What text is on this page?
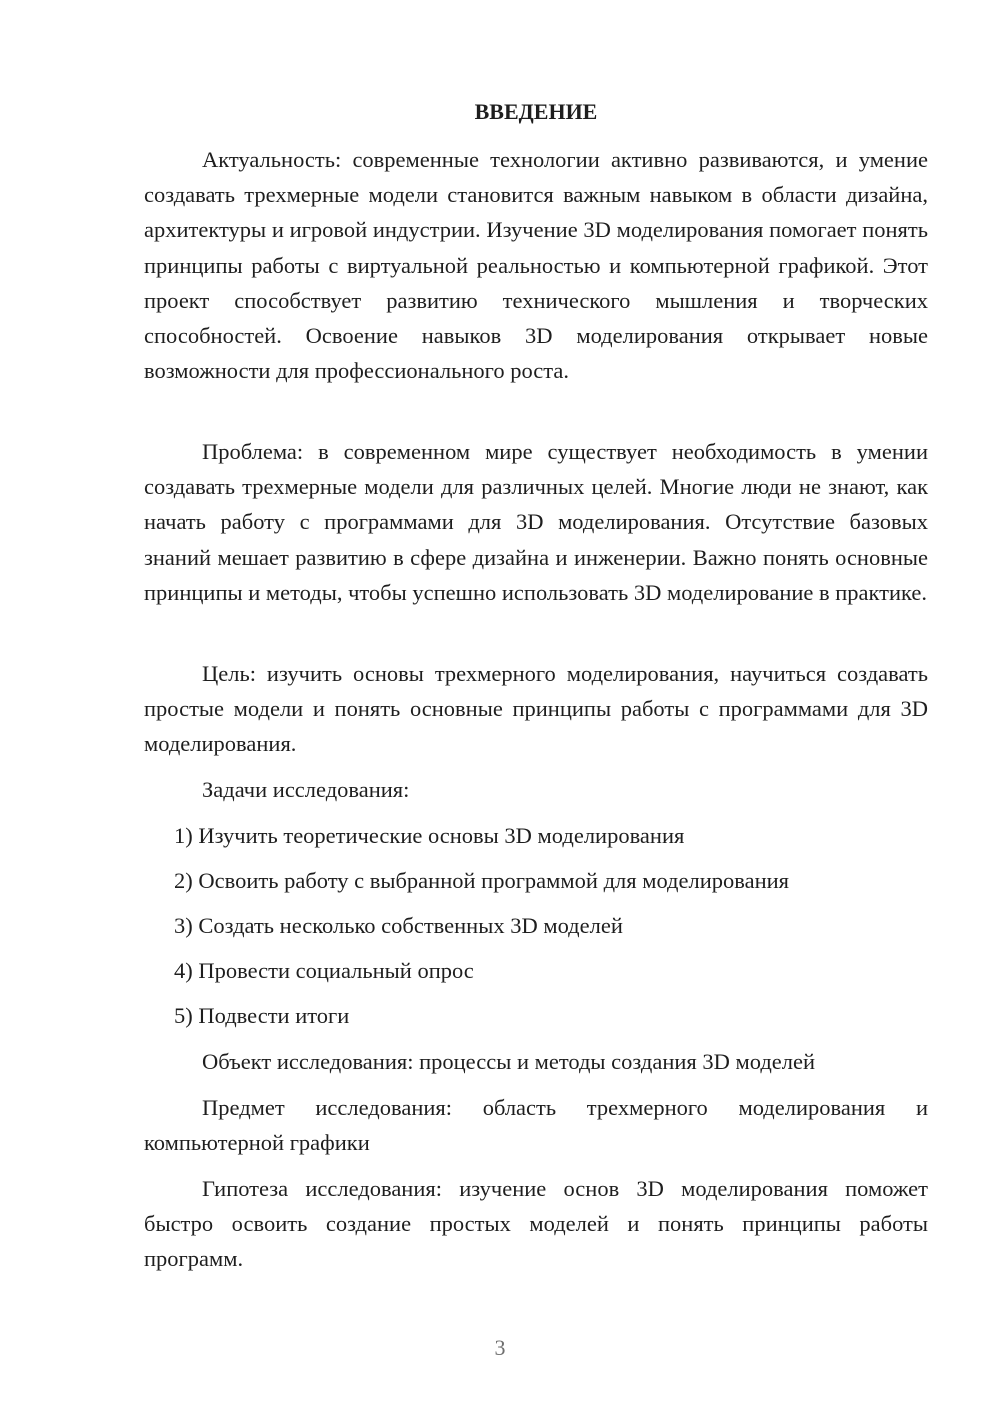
ВВЕДЕНИЕ

Актуальность: современные технологии активно развиваются, и умение создавать трехмерные модели становится важным навыком в области дизайна, архитектуры и игровой индустрии. Изучение 3D моделирования помогает понять принципы работы с виртуальной реальностью и компьютерной графикой. Этот проект способствует развитию технического мышления и творческих способностей. Освоение навыков 3D моделирования открывает новые возможности для профессионального роста.

Проблема: в современном мире существует необходимость в умении создавать трехмерные модели для различных целей. Многие люди не знают, как начать работу с программами для 3D моделирования. Отсутствие базовых знаний мешает развитию в сфере дизайна и инженерии. Важно понять основные принципы и методы, чтобы успешно использовать 3D моделирование в практике.

Цель: изучить основы трехмерного моделирования, научиться создавать простые модели и понять основные принципы работы с программами для 3D моделирования.

Задачи исследования:

1) Изучить теоретические основы 3D моделирования

2) Освоить работу с выбранной программой для моделирования

3) Создать несколько собственных 3D моделей

4) Провести социальный опрос

5) Подвести итоги

Объект исследования: процессы и методы создания 3D моделей

Предмет исследования: область трехмерного моделирования и компьютерной графики

Гипотеза исследования: изучение основ 3D моделирования поможет быстро освоить создание простых моделей и понять принципы работы программ.

3
